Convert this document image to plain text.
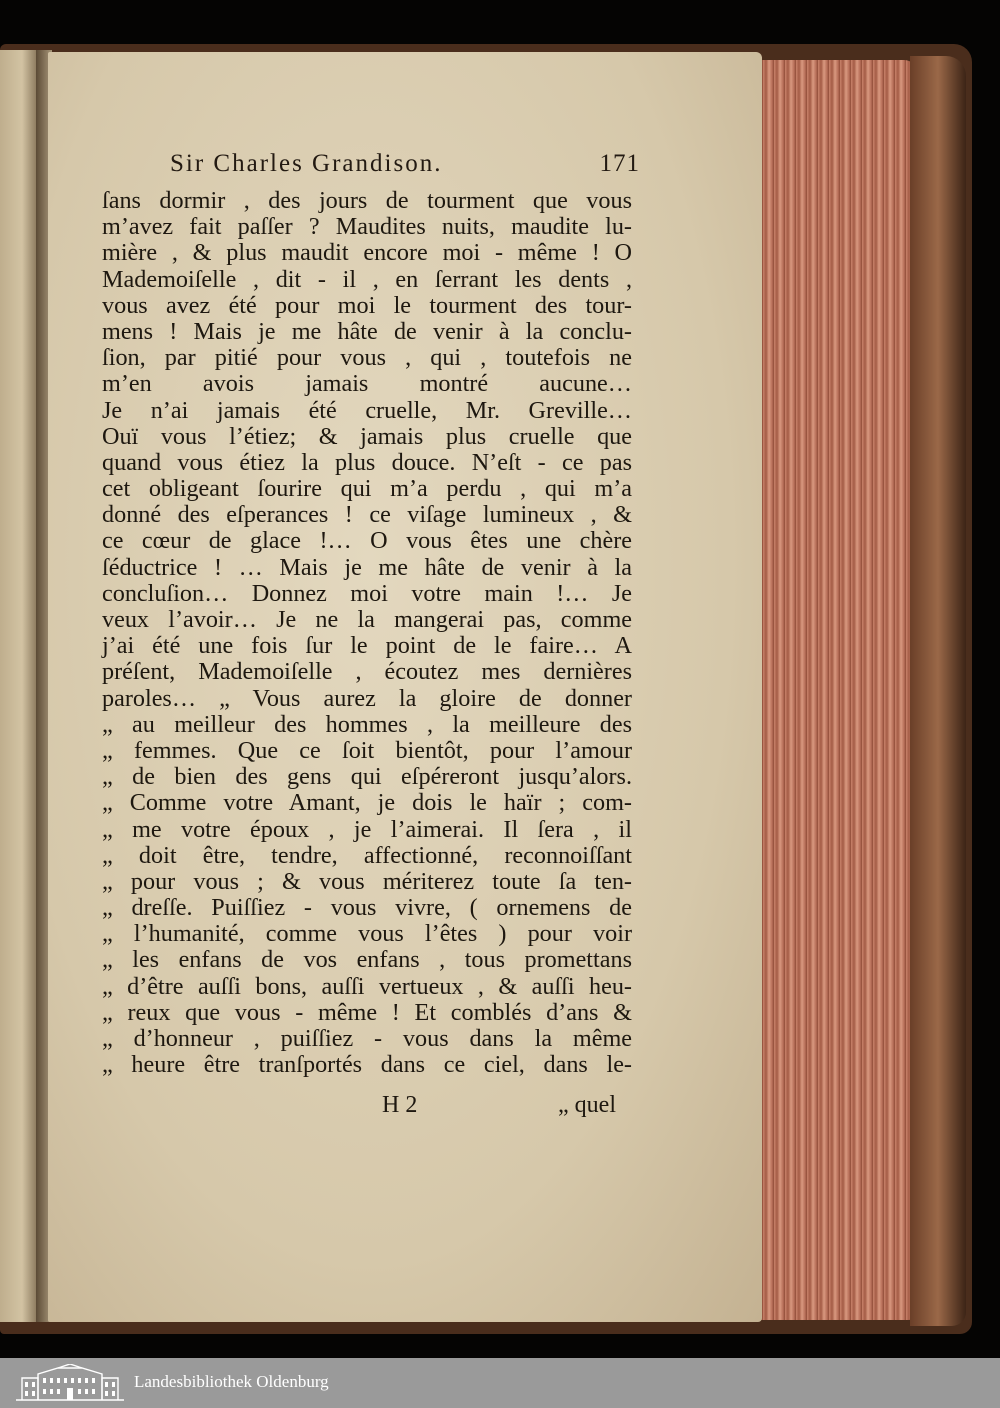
Sir Charles Grandison.	171
ſans dormir , des jours de tourment que vous
m’avez fait paſſer ? Maudites nuits, maudite lu-
mière , & plus maudit encore moi - même ! O
Mademoiſelle , dit - il , en ſerrant les dents ,
vous avez été pour moi le tourment des tour-
mens ! Mais je me hâte de venir à la conclu-
ſion, par pitié pour vous , qui , toutefois ne
m’en avois jamais montré aucune…
Je n’ai jamais été cruelle, Mr. Greville…
Ouï vous l’étiez; & jamais plus cruelle que
quand vous étiez la plus douce. N’eſt - ce pas
cet obligeant ſourire qui m’a perdu , qui m’a
donné des eſperances ! ce viſage lumineux , &
ce cœur de glace !… O vous êtes une chère
ſéductrice ! … Mais je me hâte de venir à la
concluſion… Donnez moi votre main !… Je
veux l’avoir… Je ne la mangerai pas, comme
j’ai été une fois ſur le point de le faire… A
préſent, Mademoiſelle , écoutez mes dernières
paroles… „ Vous aurez la gloire de donner
„ au meilleur des hommes , la meilleure des
„ femmes. Que ce ſoit bientôt, pour l’amour
„ de bien des gens qui eſpéreront jusqu’alors.
„ Comme votre Amant, je dois le haïr ; com-
„ me votre époux , je l’aimerai. Il ſera , il
„ doit être, tendre, affectionné, reconnoiſſant
„ pour vous ; & vous mériterez toute ſa ten-
„ dreſſe. Puiſſiez - vous vivre, ( ornemens de
„ l’humanité, comme vous l’êtes ) pour voir
„ les enfans de vos enfans , tous promettans
„ d’être auſſi bons, auſſi vertueux , & auſſi heu-
„ reux que vous - même ! Et comblés d’ans &
„ d’honneur , puiſſiez - vous dans la même
„ heure être tranſportés dans ce ciel, dans le-
H 2	„ quel
Landesbibliothek Oldenburg
